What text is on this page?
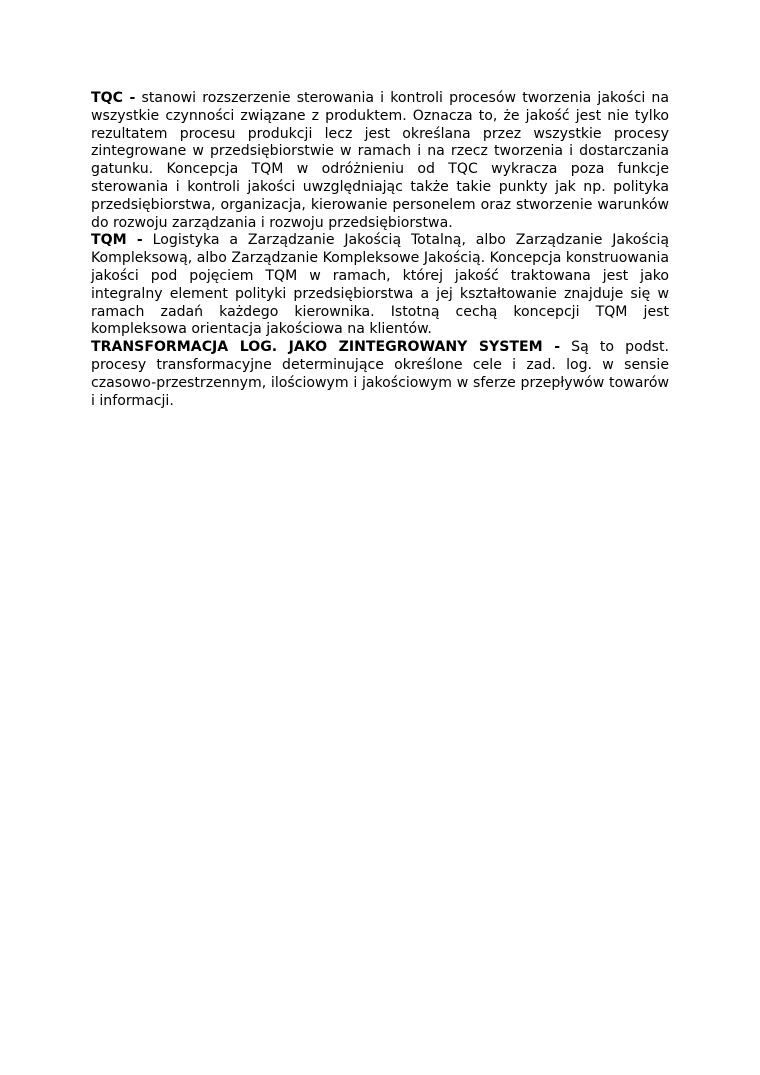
TQC - stanowi rozszerzenie sterowania i kontroli procesów tworzenia jakości na wszystkie czynności związane z produktem. Oznacza to, że jakość jest nie tylko rezultatem procesu produkcji lecz jest określana przez wszystkie procesy zintegrowane w przedsiębiorstwie w ramach i na rzecz tworzenia i dostarczania gatunku. Koncepcja TQM w odróżnieniu od TQC wykracza poza funkcje sterowania i kontroli jakości uwzględniając także takie punkty jak np. polityka przedsiębiorstwa, organizacja, kierowanie personelem oraz stworzenie warunków do rozwoju zarządzania i rozwoju przedsiębiorstwa.

TQM - Logistyka a Zarządzanie Jakością Totalną, albo Zarządzanie Jakością Kompleksową, albo Zarządzanie Kompleksowe Jakością. Koncepcja konstruowania jakości pod pojęciem TQM w ramach, której jakość traktowana jest jako integralny element polityki przedsiębiorstwa a jej kształtowanie znajduje się w ramach zadań każdego kierownika. Istotną cechą koncepcji TQM jest kompleksowa orientacja jakościowa na klientów.

TRANSFORMACJA LOG. JAKO ZINTEGROWANY SYSTEM - Są to podst. procesy transformacyjne determinujące określone cele i zad. log. w sensie czasowo-przestrzennym, ilościowym i jakościowym w sferze przepływów towarów i informacji.
